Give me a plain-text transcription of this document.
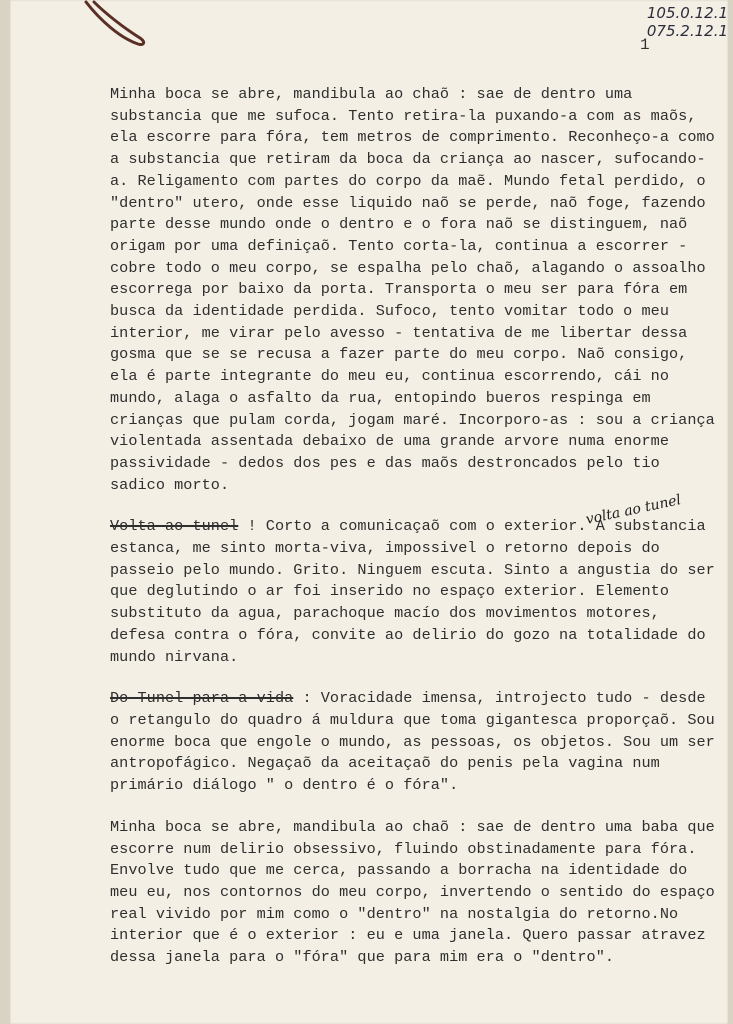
105.0.12.1
075.2.12.1
1

Minha boca se abre, mandibula ao chaõ : sae de dentro uma substancia que me sufoca. Tento retira-la puxando-a com as maõs, ela escorre para fóra, tem metros de comprimento. Reconheço-a como a substancia que retiram da boca da criança ao nascer, sufocando-a. Religamento com partes do corpo da maẽ. Mundo fetal perdido, o "dentro" utero, onde esse liquido naõ se perde, naõ foge, fazendo parte desse mundo onde o dentro e o fora naõ se distinguem, naõ origam por uma definiçaõ. Tento corta-la, continua a escorrer - cobre todo o meu corpo, se espalha pelo chaõ, alagando o assoalho escorrega por baixo da porta. Transporta o meu ser para fóra em busca da identidade perdida. Sufoco, tento vomitar todo o meu interior, me virar pelo avesso - tentativa de me libertar dessa gosma que se se recusa a fazer parte do meu corpo. Naõ consigo, ela é parte integrante do meu eu, continua escorrendo, cái no mundo, alaga o asfalto da rua, entopindo bueros respinga em crianças que pulam corda, jogam maré. Incorporo-as : sou a criança violentada assentada debaixo de uma grande arvore numa enorme passividade - dedos dos pes e das maõs destroncados pelo tio sadico morto.

Volta ao tunel ! Corto a comunicaçaõ com o exterior. A substancia estanca, me sinto morta-viva, impossivel o retorno depois do passeio pelo mundo. Grito. Ninguem escuta. Sinto a angustia do ser que deglutindo o ar foi inserido no espaço exterior. Elemento substituto da agua, parachoque macío dos movimentos motores, defesa contra o fóra, convite ao delirio do gozo na totalidade do mundo nirvana.

Do Tunel para a vida : Voracidade imensa, introjecto tudo - desde o retangulo do quadro á muldura que toma gigantesca proporçaõ. Sou enorme boca que engole o mundo, as pessoas, os objetos. Sou um ser antropofágico. Negaçaõ da aceitaçaõ do penis pela vagina num primário diálogo " o dentro é o fóra".

Minha boca se abre, mandibula ao chaõ : sae de dentro uma baba que escorre num delirio obsessivo, fluindo obstinadamente para fóra. Envolve tudo que me cerca, passando a borracha na identidade do meu eu, nos contornos do meu corpo, invertendo o sentido do espaço real vivido por mim como o "dentro" na nostalgia do retorno.No interior que é o exterior : eu e uma janela. Quero passar atravez dessa janela para o "fóra" que para mim era o "dentro".

volta ao tunel
